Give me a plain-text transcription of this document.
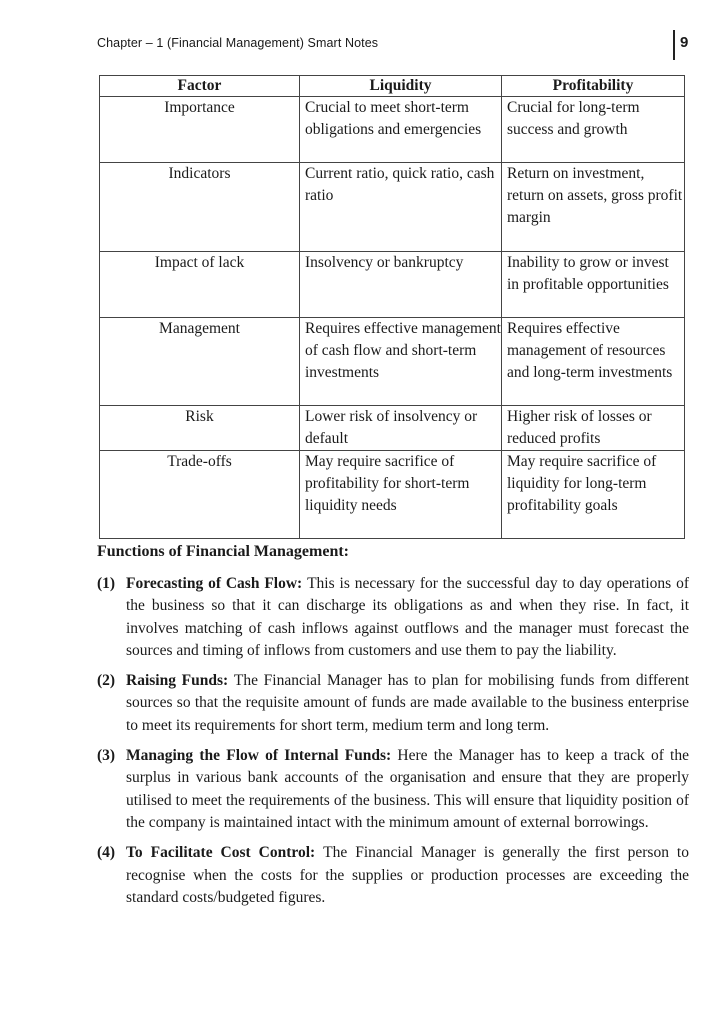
Chapter – 1 (Financial Management) Smart Notes	9
Factor	Liquidity	Profitability
Importance	Crucial to meet short-term obligations and emergencies	Crucial for long-term success and growth
Indicators	Current ratio, quick ratio, cash ratio	Return on investment, return on assets, gross profit margin
Impact of lack	Insolvency or bankruptcy	Inability to grow or invest in profitable opportunities
Management	Requires effective management of cash flow and short-term investments	Requires effective management of resources and long-term investments
Risk	Lower risk of insolvency or default	Higher risk of losses or reduced profits
Trade-offs	May require sacrifice of profitability for short-term liquidity needs	May require sacrifice of liquidity for long-term profitability goals
Functions of Financial Management:
(1) Forecasting of Cash Flow: This is necessary for the successful day to day operations of the business so that it can discharge its obligations as and when they rise. In fact, it involves matching of cash inflows against outflows and the manager must forecast the sources and timing of inflows from customers and use them to pay the liability.
(2) Raising Funds: The Financial Manager has to plan for mobilising funds from different sources so that the requisite amount of funds are made available to the business enterprise to meet its requirements for short term, medium term and long term.
(3) Managing the Flow of Internal Funds: Here the Manager has to keep a track of the surplus in various bank accounts of the organisation and ensure that they are properly utilised to meet the requirements of the business. This will ensure that liquidity position of the company is maintained intact with the minimum amount of external borrowings.
(4) To Facilitate Cost Control: The Financial Manager is generally the first person to recognise when the costs for the supplies or production processes are exceeding the standard costs/budgeted figures.
